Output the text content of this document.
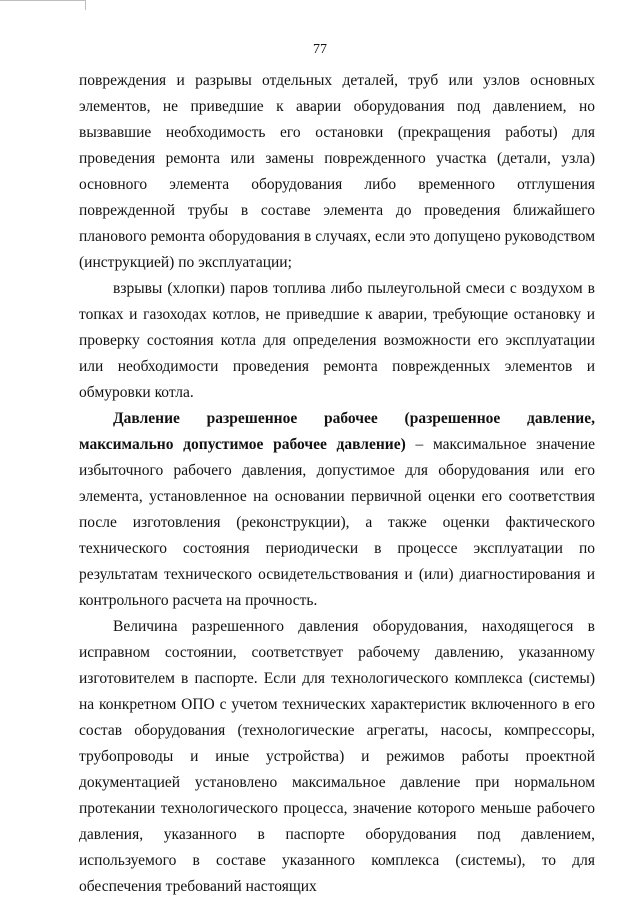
77

повреждения и разрывы отдельных деталей, труб или узлов основных элементов, не приведшие к аварии оборудования под давлением, но вызвавшие необходимость его остановки (прекращения работы) для проведения ремонта или замены поврежденного участка (детали, узла) основного элемента оборудования либо временного отглушения поврежденной трубы в составе элемента до проведения ближайшего планового ремонта оборудования в случаях, если это допущено руководством (инструкцией) по эксплуатации;

взрывы (хлопки) паров топлива либо пылеугольной смеси с воздухом в топках и газоходах котлов, не приведшие к аварии, требующие остановку и проверку состояния котла для определения возможности его эксплуатации или необходимости проведения ремонта поврежденных элементов и обмуровки котла.

Давление разрешенное рабочее (разрешенное давление, максимально допустимое рабочее давление) – максимальное значение избыточного рабочего давления, допустимое для оборудования или его элемента, установленное на основании первичной оценки его соответствия после изготовления (реконструкции), а также оценки фактического технического состояния периодически в процессе эксплуатации по результатам технического освидетельствования и (или) диагностирования и контрольного расчета на прочность.

Величина разрешенного давления оборудования, находящегося в исправном состоянии, соответствует рабочему давлению, указанному изготовителем в паспорте. Если для технологического комплекса (системы) на конкретном ОПО с учетом технических характеристик включенного в его состав оборудования (технологические агрегаты, насосы, компрессоры, трубопроводы и иные устройства) и режимов работы проектной документацией установлено максимальное давление при нормальном протекании технологического процесса, значение которого меньше рабочего давления, указанного в паспорте оборудования под давлением, используемого в составе указанного комплекса (системы), то для обеспечения требований настоящих
